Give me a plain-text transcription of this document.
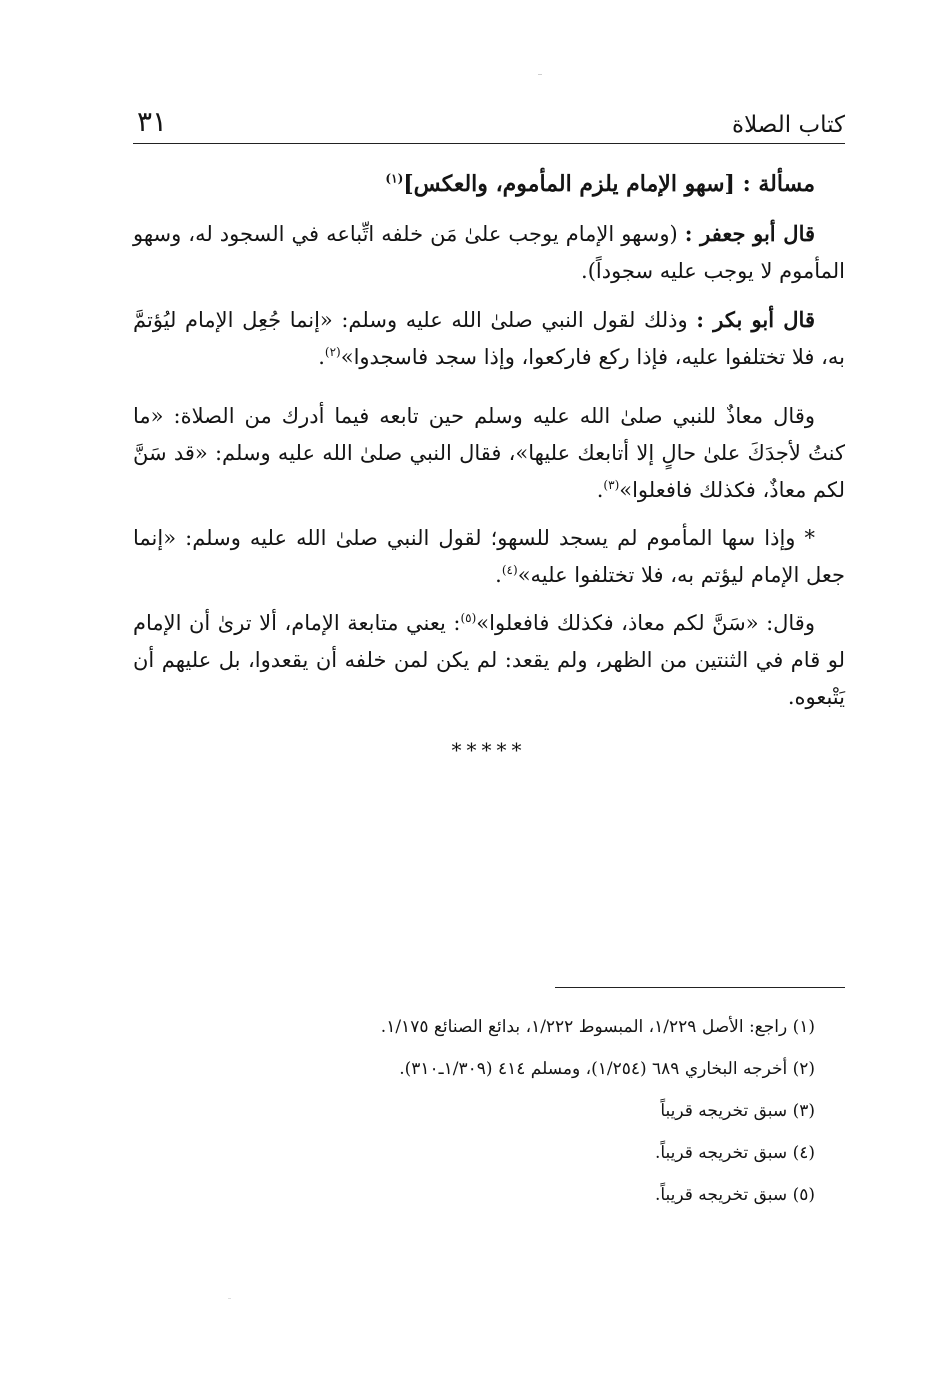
كتاب الصلاة
٣١

مسألة : [سهو الإمام يلزم المأموم، والعكس]$^{(١)}$

قال أبو جعفر : (وسهو الإمام يوجب علىٰ مَن خلفه اتِّباعه في السجود له، وسهو المأموم لا يوجب عليه سجوداً).

قال أبو بكر : وذلك لقول النبي صلىٰ الله عليه وسلم: «إنما جُعِل الإمام ليُؤتمَّ به، فلا تختلفوا عليه، فإذا ركع فاركعوا، وإذا سجد فاسجدوا»$^{(٢)}$.

وقال معاذٌ للنبي صلىٰ الله عليه وسلم حين تابعه فيما أدرك من الصلاة: «ما كنتُ لأجدَكَ علىٰ حالٍ إلا أتابعك عليها»، فقال النبي صلىٰ الله عليه وسلم: «قد سَنَّ لكم معاذٌ، فكذلك فافعلوا»$^{(٣)}$.

* وإذا سها المأموم لم يسجد للسهو؛ لقول النبي صلىٰ الله عليه وسلم: «إنما جعل الإمام ليؤتم به، فلا تختلفوا عليه»$^{(٤)}$.

وقال: «سَنَّ لكم معاذ، فكذلك فافعلوا»$^{(٥)}$: يعني متابعة الإمام، ألا ترىٰ أن الإمام لو قام في الثنتين من الظهر، ولم يقعد: لم يكن لمن خلفه أن يقعدوا، بل عليهم أن يَتْبعوه.

*****

(١) راجع: الأصل ١/٢٢٩، المبسوط ١/٢٢٢، بدائع الصنائع ١/١٧٥.
(٢) أخرجه البخاري ٦٨٩ (١/٢٥٤)، ومسلم ٤١٤ (١/٣٠٩ـ٣١٠).
(٣) سبق تخريجه قريباً
(٤) سبق تخريجه قريباً.
(٥) سبق تخريجه قريباً.
